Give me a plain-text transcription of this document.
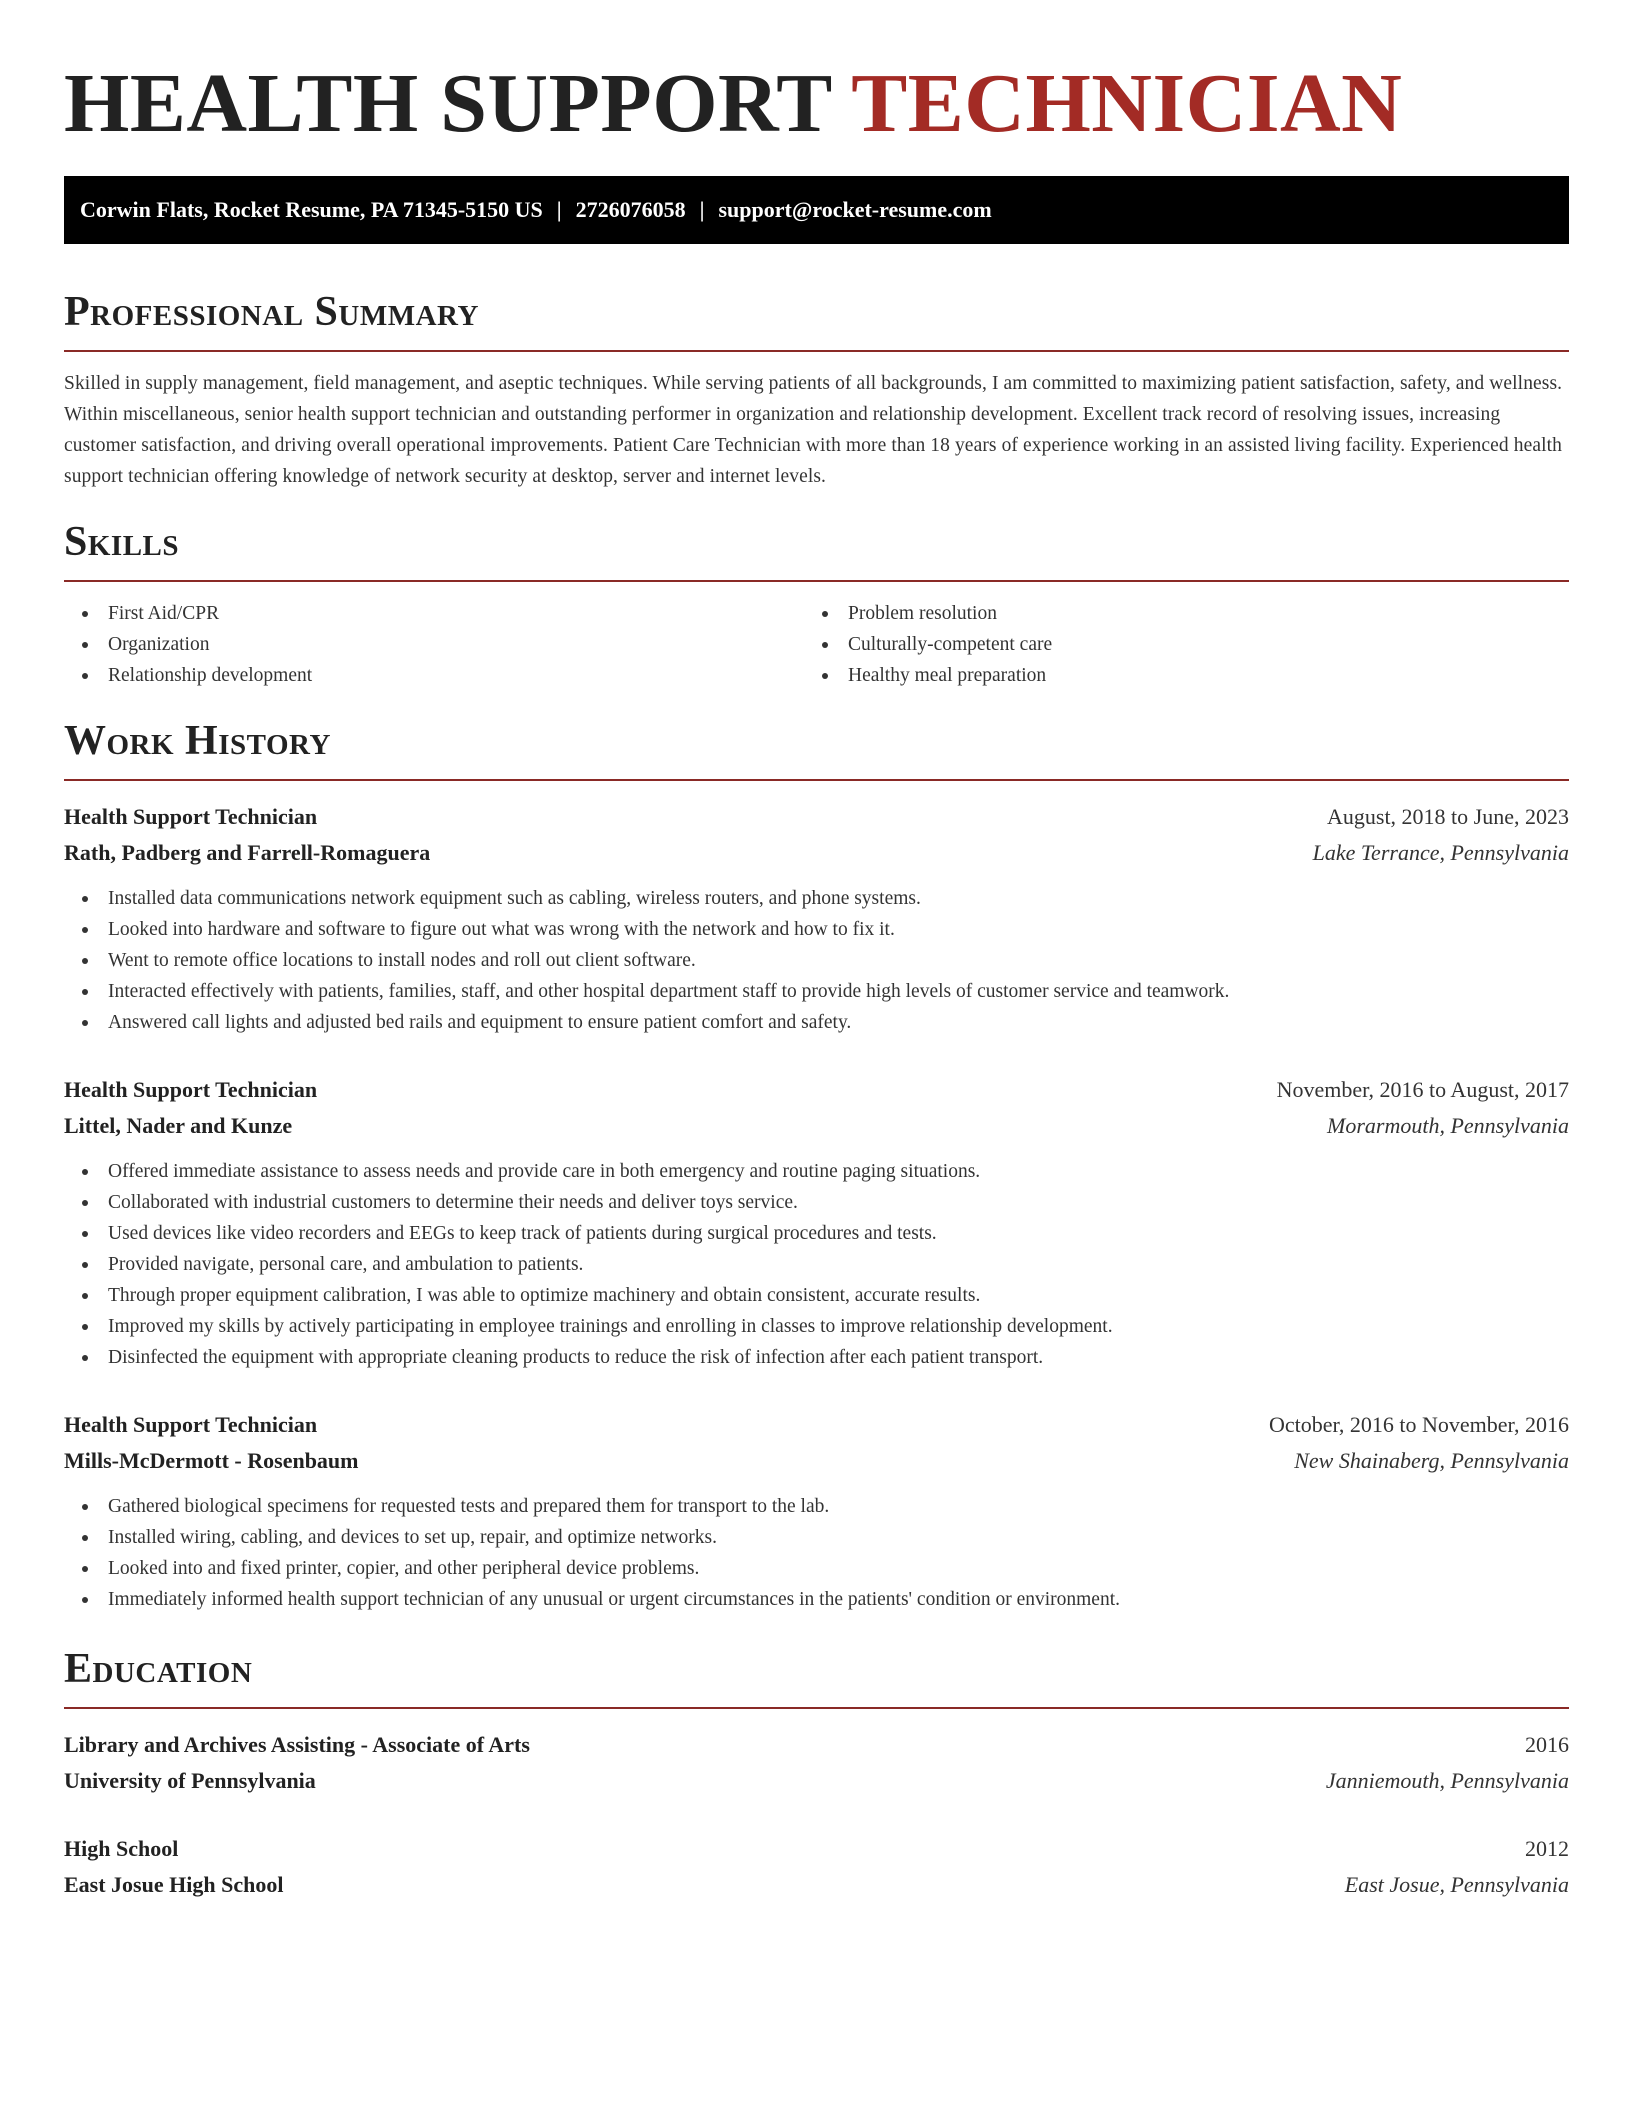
HEALTH SUPPORT TECHNICIAN
Corwin Flats, Rocket Resume, PA 71345-5150 US | 2726076058 | support@rocket-resume.com
Professional Summary

Skilled in supply management, field management, and aseptic techniques. While serving patients of all backgrounds, I am committed to maximizing patient satisfaction, safety, and wellness. Within miscellaneous, senior health support technician and outstanding performer in organization and relationship development. Excellent track record of resolving issues, increasing customer satisfaction, and driving overall operational improvements. Patient Care Technician with more than 18 years of experience working in an assisted living facility. Experienced health support technician offering knowledge of network security at desktop, server and internet levels.

Skills
First Aid/CPR
Organization
Relationship development
Problem resolution
Culturally-competent care
Healthy meal preparation
Work History
Health Support Technician	August, 2018 to June, 2023
Rath, Padberg and Farrell-Romaguera	Lake Terrance, Pennsylvania
Installed data communications network equipment such as cabling, wireless routers, and phone systems.
Looked into hardware and software to figure out what was wrong with the network and how to fix it.
Went to remote office locations to install nodes and roll out client software.
Interacted effectively with patients, families, staff, and other hospital department staff to provide high levels of customer service and teamwork.
Answered call lights and adjusted bed rails and equipment to ensure patient comfort and safety.
Health Support Technician	November, 2016 to August, 2017
Littel, Nader and Kunze	Morarmouth, Pennsylvania
Offered immediate assistance to assess needs and provide care in both emergency and routine paging situations.
Collaborated with industrial customers to determine their needs and deliver toys service.
Used devices like video recorders and EEGs to keep track of patients during surgical procedures and tests.
Provided navigate, personal care, and ambulation to patients.
Through proper equipment calibration, I was able to optimize machinery and obtain consistent, accurate results.
Improved my skills by actively participating in employee trainings and enrolling in classes to improve relationship development.
Disinfected the equipment with appropriate cleaning products to reduce the risk of infection after each patient transport.
Health Support Technician	October, 2016 to November, 2016
Mills-McDermott - Rosenbaum	New Shainaberg, Pennsylvania
Gathered biological specimens for requested tests and prepared them for transport to the lab.
Installed wiring, cabling, and devices to set up, repair, and optimize networks.
Looked into and fixed printer, copier, and other peripheral device problems.
Immediately informed health support technician of any unusual or urgent circumstances in the patients' condition or environment.
Education
Library and Archives Assisting - Associate of Arts	2016
University of Pennsylvania	Janniemouth, Pennsylvania
High School	2012
East Josue High School	East Josue, Pennsylvania
